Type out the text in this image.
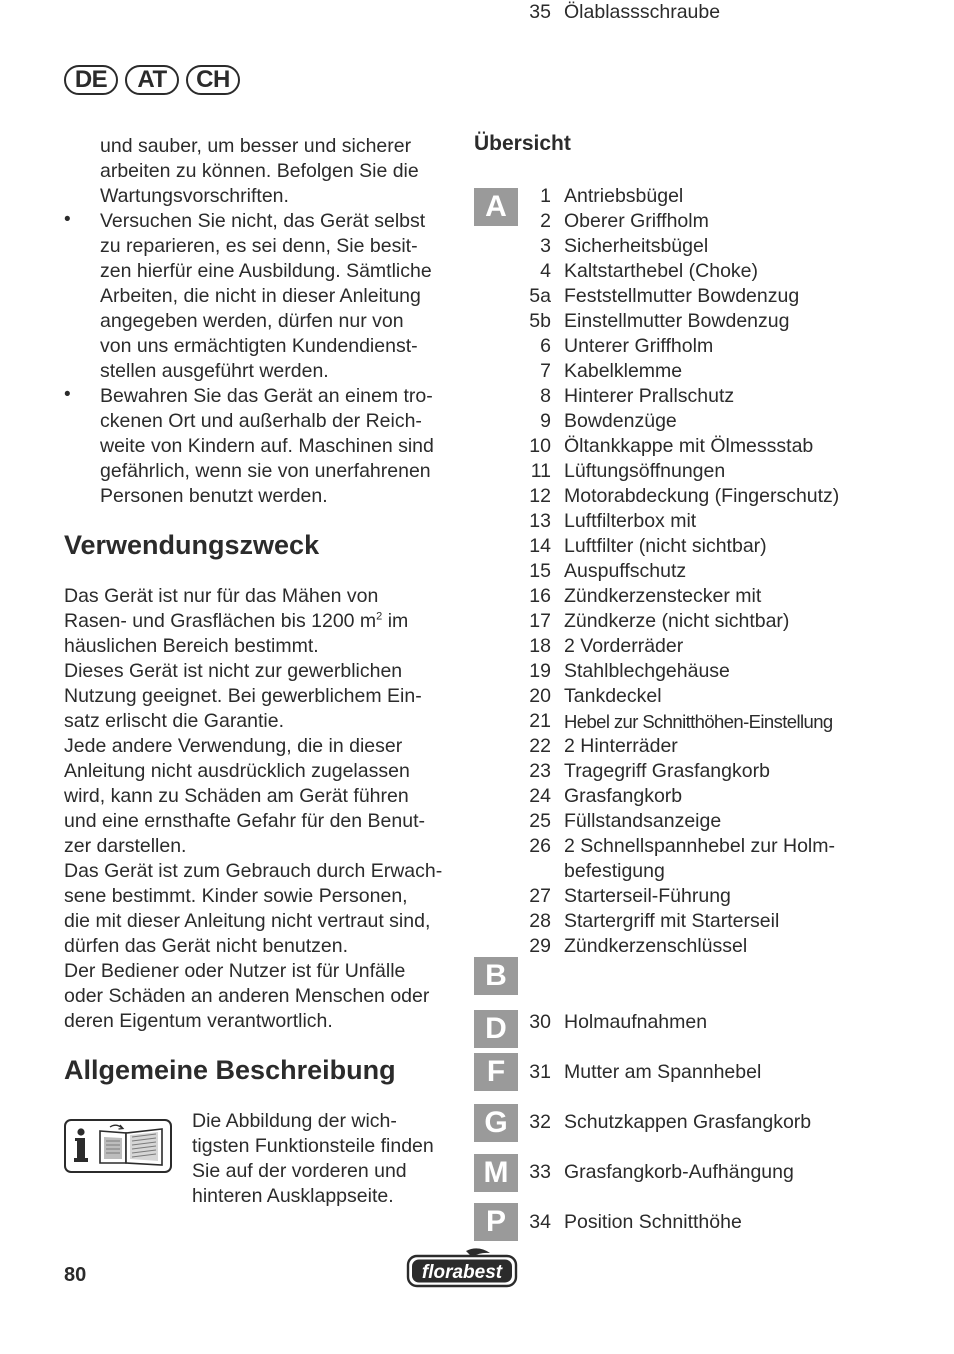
DE	AT	CH
und sauber, um besser und sicherer
arbeiten zu können. Befolgen Sie die
Wartungsvorschriften.
• Versuchen Sie nicht, das Gerät selbst
zu reparieren, es sei denn, Sie besit-
zen hierfür eine Ausbildung. Sämtliche
Arbeiten, die nicht in dieser Anleitung
angegeben werden, dürfen nur von
von uns ermächtigten Kundendienst-
stellen ausgeführt werden.
• Bewahren Sie das Gerät an einem tro-
ckenen Ort und außerhalb der Reich-
weite von Kindern auf. Maschinen sind
gefährlich, wenn sie von unerfahrenen
Personen benutzt werden.
Verwendungszweck
Das Gerät ist nur für das Mähen von
Rasen- und Grasflächen bis 1200 $m^2$ im
häuslichen Bereich bestimmt.
Dieses Gerät ist nicht zur gewerblichen
Nutzung geeignet. Bei gewerblichem Ein-
satz erlischt die Garantie.
Jede andere Verwendung, die in dieser
Anleitung nicht ausdrücklich zugelassen
wird, kann zu Schäden am Gerät führen
und eine ernsthafte Gefahr für den Benut-
zer darstellen.
Das Gerät ist zum Gebrauch durch Erwach-
sene bestimmt. Kinder sowie Personen,
die mit dieser Anleitung nicht vertraut sind,
dürfen das Gerät nicht benutzen.
Der Bediener oder Nutzer ist für Unfälle
oder Schäden an anderen Menschen oder
deren Eigentum verantwortlich.
Allgemeine Beschreibung
Die Abbildung der wich-
tigsten Funktionsteile finden
Sie auf der vorderen und
hinteren Ausklappseite.
Übersicht
1 Antriebsbügel
2 Oberer Griffholm
3 Sicherheitsbügel
4 Kaltstarthebel (Choke)
5a Feststellmutter Bowdenzug
5b Einstellmutter Bowdenzug
6 Unterer Griffholm
7 Kabelklemme
8 Hinterer Prallschutz
9 Bowdenzüge
10 Öltankkappe mit Ölmessstab
11 Lüftungsöffnungen
12 Motorabdeckung (Fingerschutz)
13 Luftfilterbox mit
14 Luftfilter (nicht sichtbar)
15 Auspuffschutz
16 Zündkerzenstecker mit
17 Zündkerze (nicht sichtbar)
18 2 Vorderräder
19 Stahlblechgehäuse
20 Tankdeckel
21 Hebel zur Schnitthöhen-Einstellung
22 2 Hinterräder
23 Tragegriff Grasfangkorb
24 Grasfangkorb
25 Füllstandsanzeige
26 2 Schnellspannhebel zur Holm-
befestigung
27 Starterseil-Führung
28 Startergriff mit Starterseil
29 Zündkerzenschlüssel
30 Holmaufnahmen
31 Mutter am Spannhebel
32 Schutzkappen Grasfangkorb
33 Grasfangkorb-Aufhängung
34 Position Schnitthöhe
35 Ölablassschraube
A
B
D
F
G
M
P
80	florabest
